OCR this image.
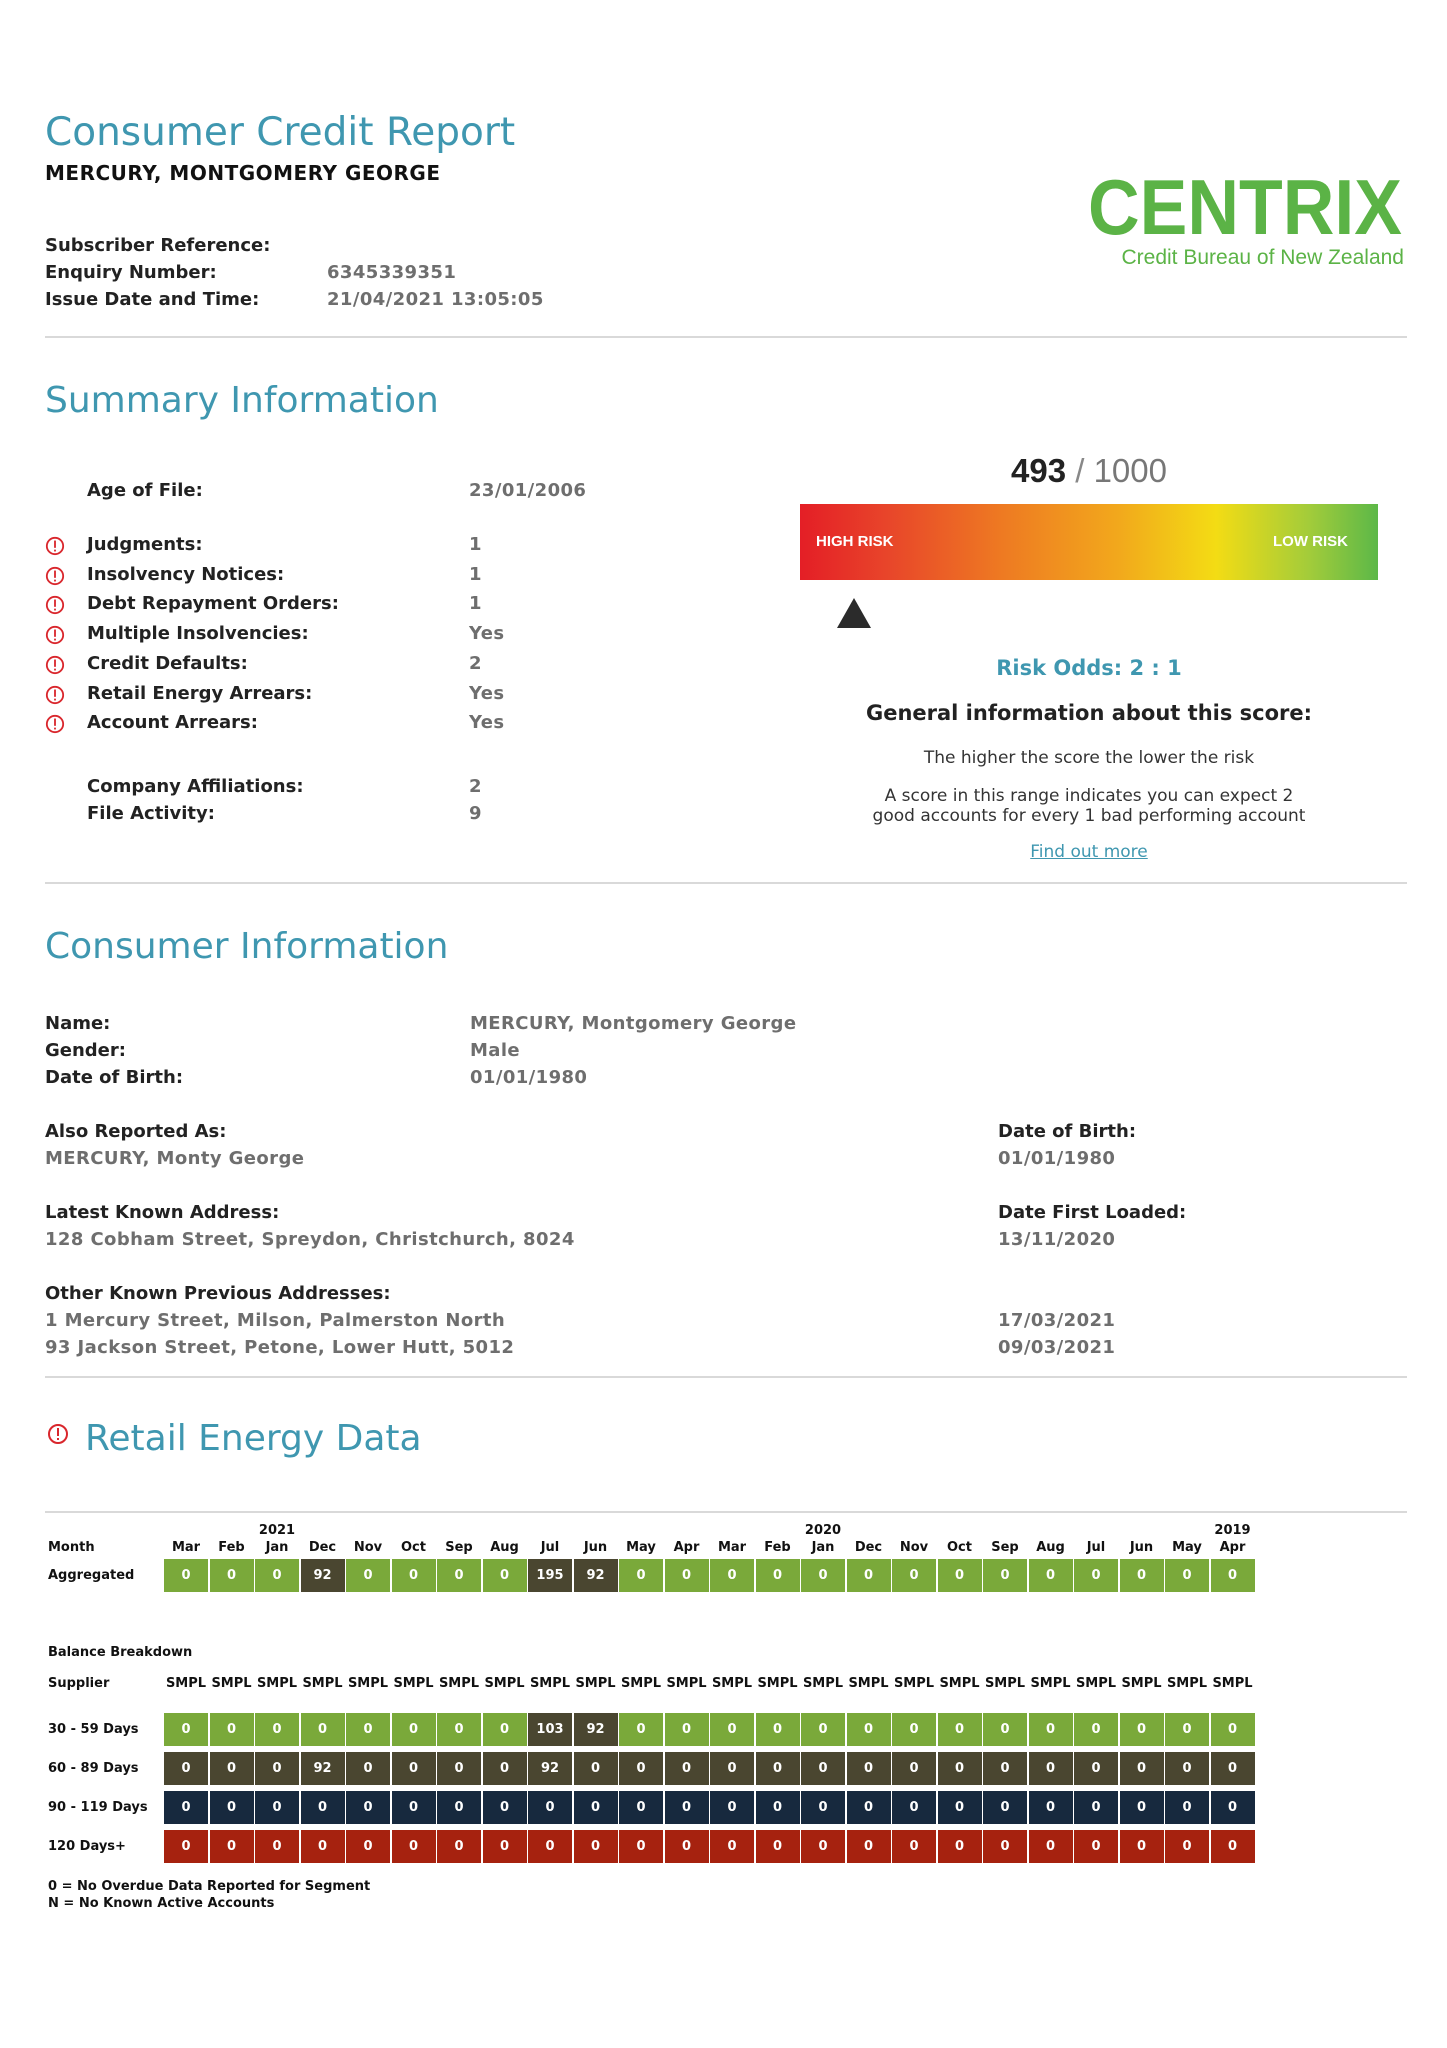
Consumer Credit Report
MERCURY, MONTGOMERY GEORGE	CENTRIX
Credit Bureau of New Zealand
Subscriber Reference:
Enquiry Number:	6345339351
Issue Date and Time:	21/04/2021 13:05:05
Summary Information
Age of File:	23/01/2006
Judgments:	1
Insolvency Notices:	1
Debt Repayment Orders:	1
Multiple Insolvencies:	Yes
Credit Defaults:	2
Retail Energy Arrears:	Yes
Account Arrears:	Yes
Company Affiliations:	2
File Activity:	9
493 / 1000
HIGH RISK	LOW RISK
Risk Odds: 2 : 1
General information about this score:
The higher the score the lower the risk
A score in this range indicates you can expect 2
good accounts for every 1 bad performing account
Find out more
Consumer Information
Name:	MERCURY, Montgomery George
Gender:	Male
Date of Birth:	01/01/1980
Also Reported As:
MERCURY, Monty George
Date of Birth:
01/01/1980
Latest Known Address:
128 Cobham Street, Spreydon, Christchurch, 8024
Date First Loaded:
13/11/2020
Other Known Previous Addresses:
1 Mercury Street, Milson, Palmerston North	17/03/2021
93 Jackson Street, Petone, Lower Hutt, 5012	09/03/2021
Retail Energy Data
2021	2020	2019
Month	Mar	Feb	Jan	Dec	Nov	Oct	Sep	Aug	Jul	Jun	May	Apr	Mar	Feb	Jan	Dec	Nov	Oct	Sep	Aug	Jul	Jun	May	Apr
Aggregated	0	0	0	92	0	0	0	0	195	92	0	0	0	0	0	0	0	0	0	0	0	0	0	0
Balance Breakdown
Supplier	SMPL SMPL SMPL SMPL SMPL SMPL SMPL SMPL SMPL SMPL SMPL SMPL SMPL SMPL SMPL SMPL SMPL SMPL SMPL SMPL SMPL SMPL SMPL SMPL
30 - 59 Days	0	0	0	0	0	0	0	0	103	92	0	0	0	0	0	0	0	0	0	0	0	0	0	0
60 - 89 Days	0	0	0	92	0	0	0	0	92	0	0	0	0	0	0	0	0	0	0	0	0	0	0	0
90 - 119 Days	0	0	0	0	0	0	0	0	0	0	0	0	0	0	0	0	0	0	0	0	0	0	0	0
120 Days+	0	0	0	0	0	0	0	0	0	0	0	0	0	0	0	0	0	0	0	0	0	0	0	0
0 = No Overdue Data Reported for Segment
N = No Known Active Accounts
